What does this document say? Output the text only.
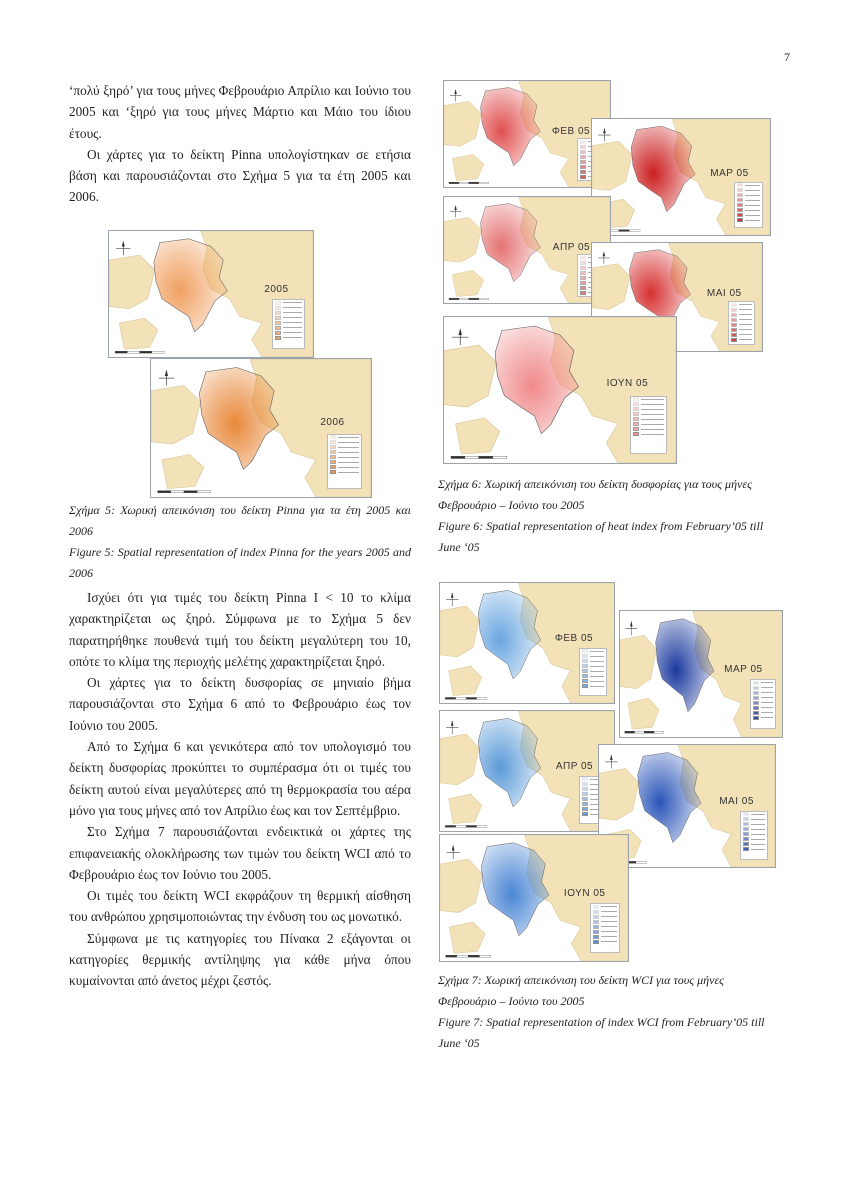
7

‘πολύ ξηρό’ για τους μήνες Φεβρουάριο Απρίλιο και Ιούνιο του 2005 και ‘ξηρό για τους μήνες Μάρτιο και Μάιο του ίδιου έτους.

Οι χάρτες για το δείκτη Pinna υπολογίστηκαν σε ετήσια βάση και παρουσιάζονται στο Σχήμα 5 για τα έτη 2005 και 2006.

2005
2006

Σχήμα 5: Χωρική απεικόνιση του δείκτη Pinna για τα έτη 2005 και 2006

Figure 5: Spatial representation of index Pinna for the years 2005 and 2006

Ισχύει ότι για τιμές του δείκτη Pinna I < 10 το κλίμα χαρακτηρίζεται ως ξηρό. Σύμφωνα με το Σχήμα 5 δεν παρατηρήθηκε πουθενά τιμή του δείκτη μεγαλύτερη του 10, οπότε το κλίμα της περιοχής μελέτης χαρακτηρίζεται ξηρό.

Οι χάρτες για το δείκτη δυσφορίας σε μηνιαίο βήμα παρουσιάζονται στο Σχήμα 6 από το Φεβρουάριο έως τον Ιούνιο του 2005.

Από το Σχήμα 6 και γενικότερα από τον υπολογισμό του δείκτη δυσφορίας προκύπτει το συμπέρασμα ότι οι τιμές του δείκτη αυτού είναι μεγαλύτερες από τη θερμοκρασία του αέρα μόνο για τους μήνες από τον Απρίλιο έως και τον Σεπτέμβριο.

Στο Σχήμα 7 παρουσιάζονται ενδεικτικά οι χάρτες της επιφανειακής ολοκλήρωσης των τιμών του δείκτη WCI από το Φεβρουάριο έως τον Ιούνιο του 2005.

Οι τιμές του δείκτη WCI εκφράζουν τη θερμική αίσθηση του ανθρώπου χρησιμοποιώντας την ένδυση του ως μονωτικό.

Σύμφωνα με τις κατηγορίες του Πίνακα 2 εξάγονται οι κατηγορίες θερμικής αντίληψης για κάθε μήνα όπου κυμαίνονται από άνετος μέχρι ζεστός.

ΦΕΒ 05
ΜΑΡ 05
ΑΠΡ 05
ΜΑΙ 05
ΙΟΥΝ 05

Σχήμα 6: Χωρική απεικόνιση του δείκτη δυσφορίας για τους μήνες Φεβρουάριο – Ιούνιο του 2005

Figure 6: Spatial representation of heat index from February’05 till June ‘05

ΦΕΒ 05
ΜΑΡ 05
ΑΠΡ 05
ΜΑΙ 05
ΙΟΥΝ 05

Σχήμα 7: Χωρική απεικόνιση του δείκτη WCI για τους μήνες Φεβρουάριο – Ιούνιο του 2005

Figure 7: Spatial representation of index WCI from February’05 till June ‘05
